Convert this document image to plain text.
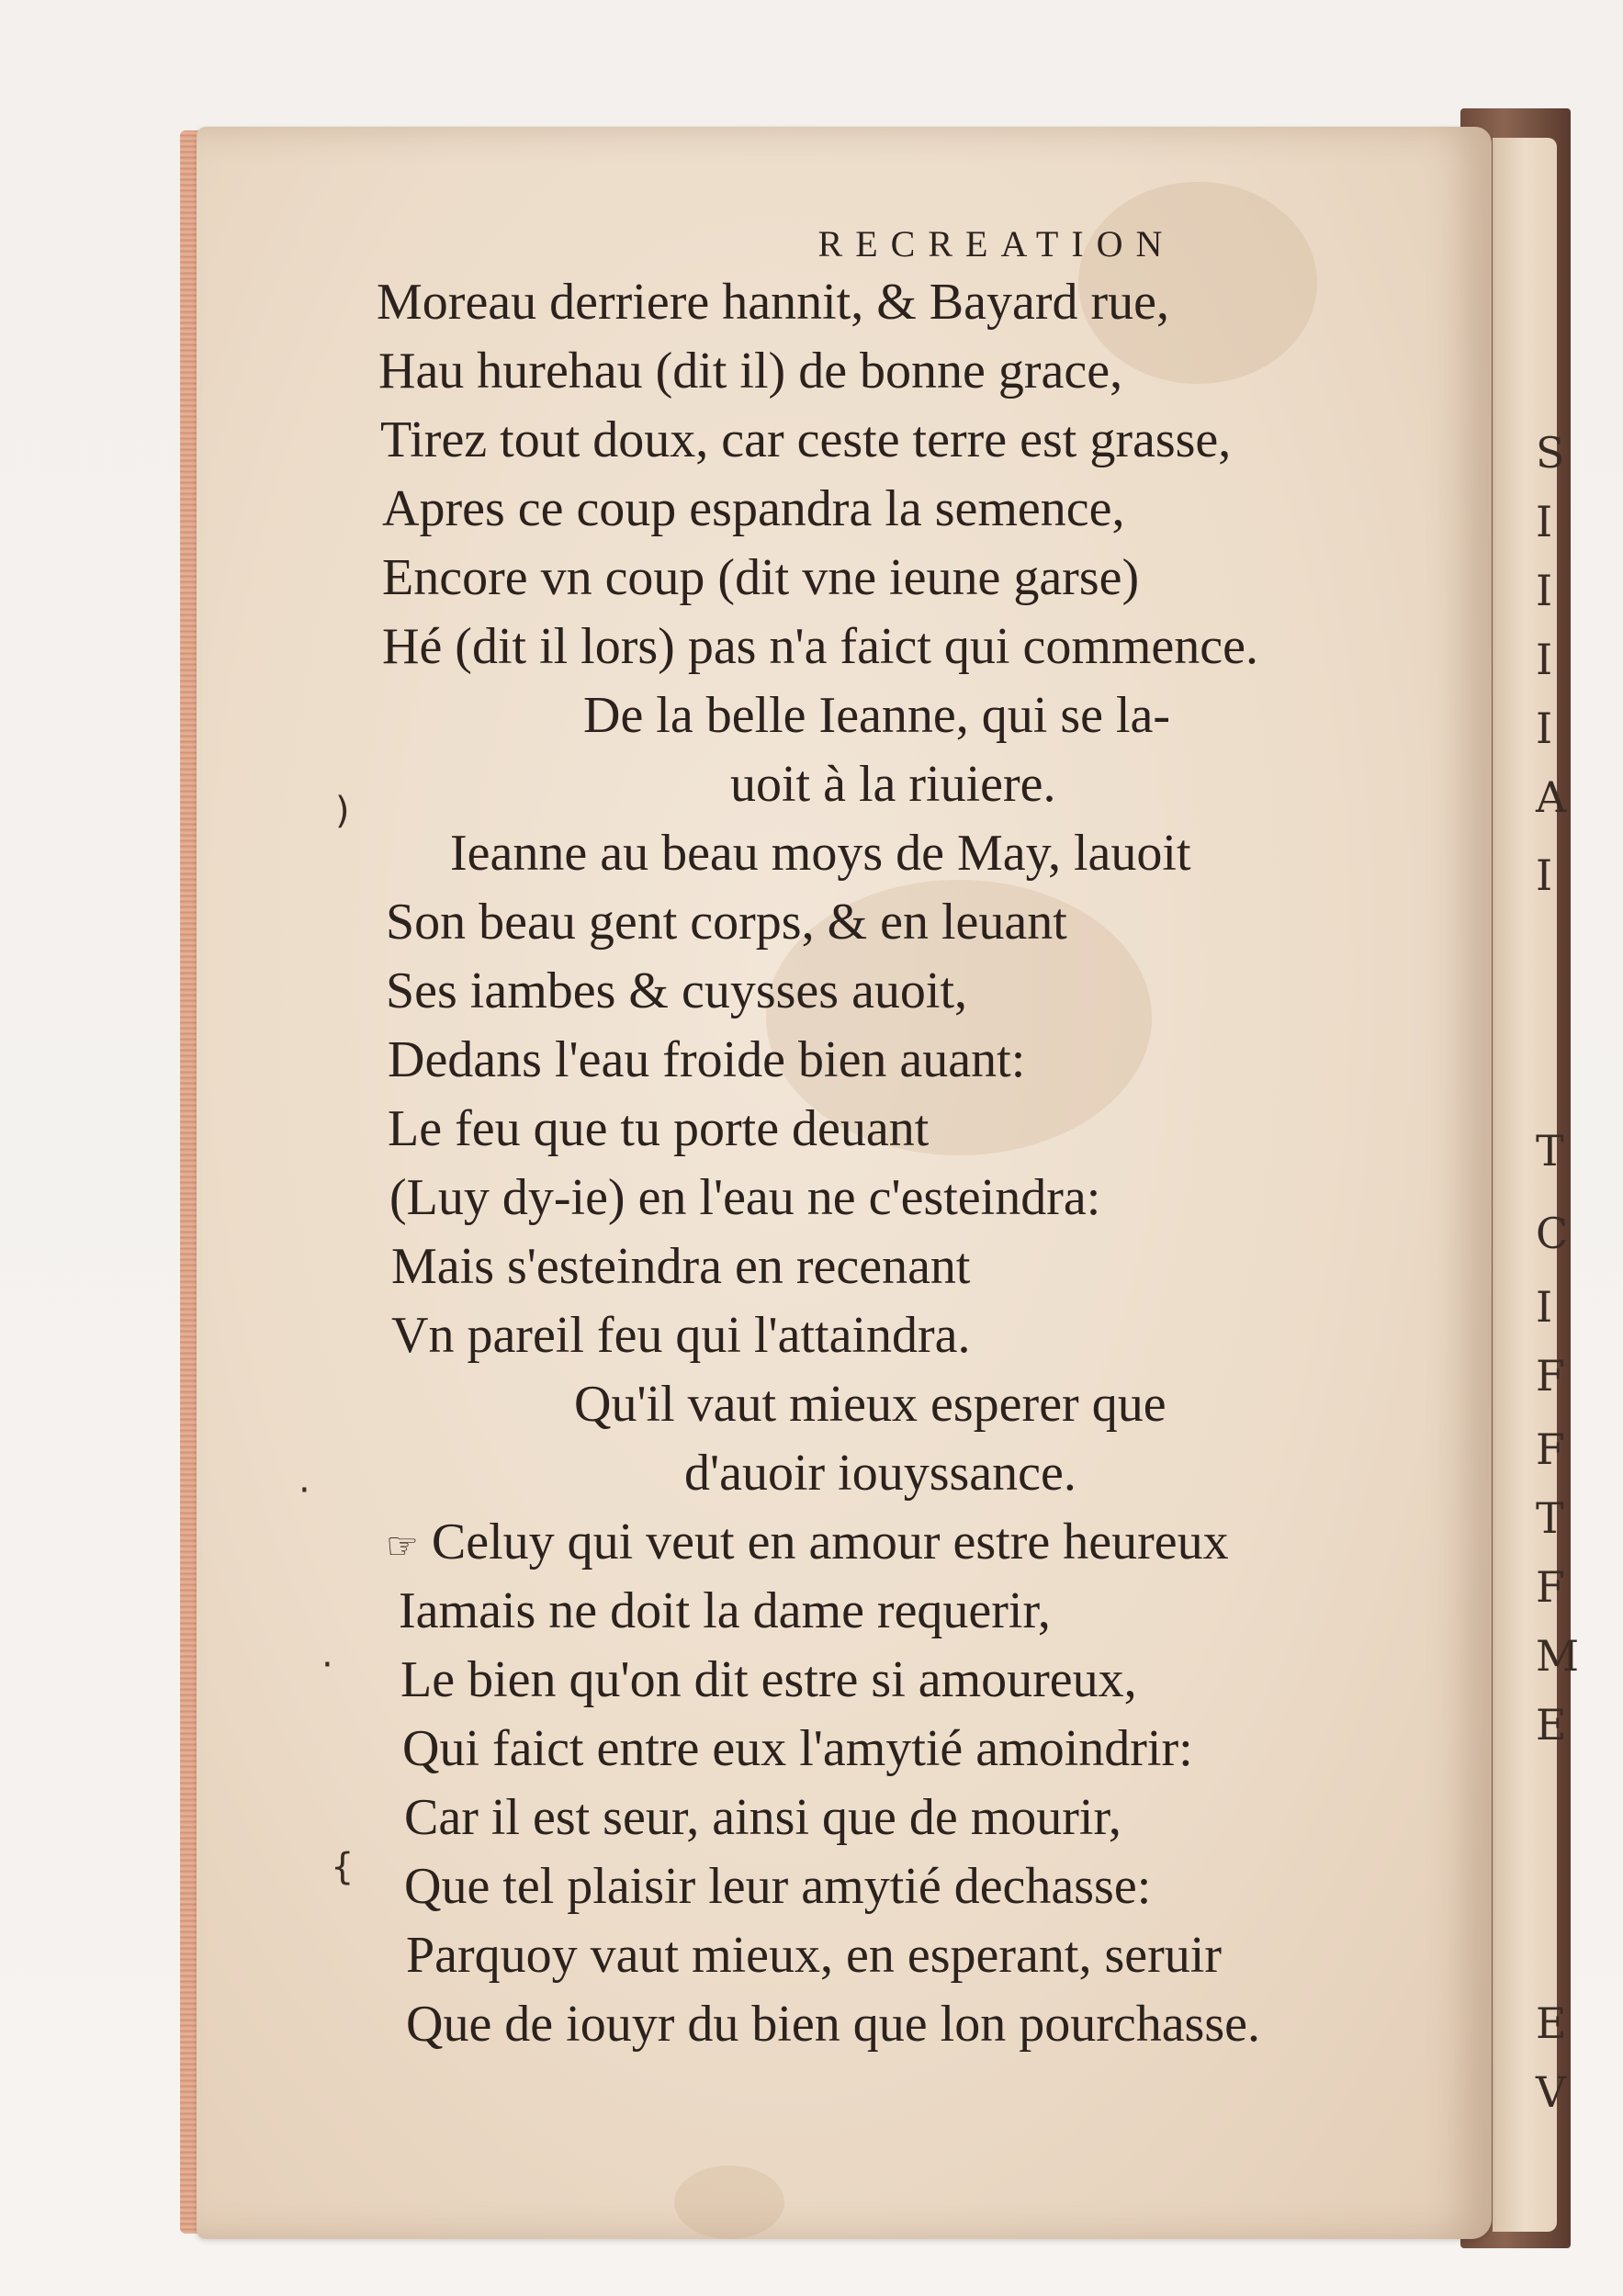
S
I
I
I
I
A
I
T
C
I
F
F
T
F
M
E
E
V
)
·
·
{
RECREATION
Moreau derriere hannit, & Bayard rue,
Hau hurehau (dit il) de bonne grace,
Tirez tout doux, car ceste terre est grasse,
Apres ce coup espandra la semence,
Encore vn coup (dit vne ieune garse)
Hé (dit il lors) pas n'a faict qui commence.
De la belle Ieanne, qui se la-
uoit à la riuiere.
Ieanne au beau moys de May, lauoit
Son beau gent corps, & en leuant
Ses iambes & cuysses auoit,
Dedans l'eau froide bien auant:
Le feu que tu porte deuant
(Luy dy-ie) en l'eau ne c'esteindra:
Mais s'esteindra en recenant
Vn pareil feu qui l'attaindra.
Qu'il vaut mieux esperer que
d'auoir iouyssance.
☞ Celuy qui veut en amour estre heureux
Iamais ne doit la dame requerir,
Le bien qu'on dit estre si amoureux,
Qui faict entre eux l'amytié amoindrir:
Car il est seur, ainsi que de mourir,
Que tel plaisir leur amytié dechasse:
Parquoy vaut mieux, en esperant, seruir
Que de iouyr du bien que lon pourchasse.
